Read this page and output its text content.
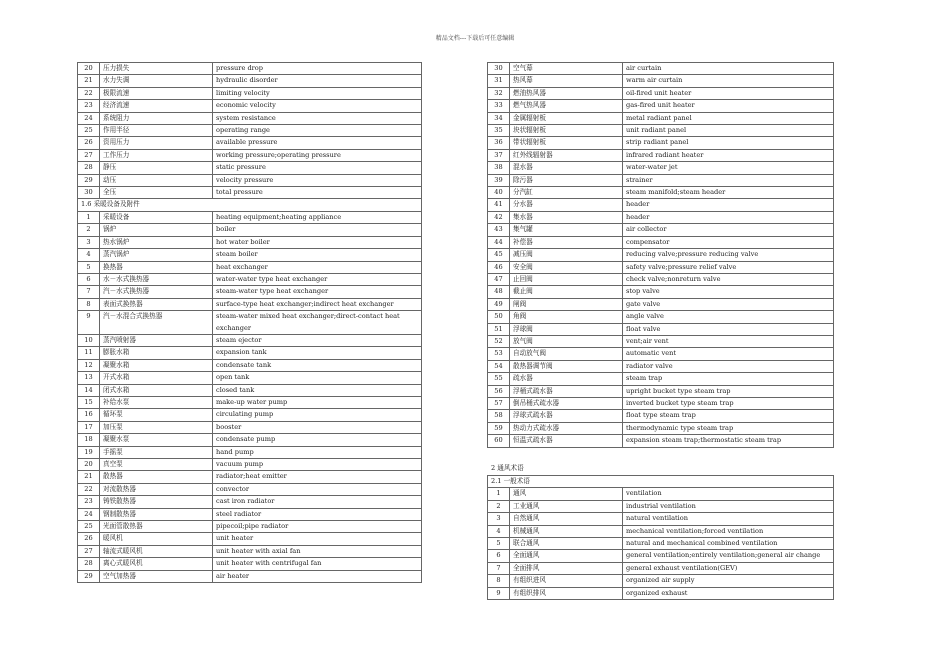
精品文档---下载后可任意编辑
20	压力损失	pressure drop
21	水力失调	hydraulic disorder
22	极限流速	limiting velocity
23	经济流速	economic velocity
24	系统阻力	system resistance
25	作用半径	operating range
26	资用压力	available pressure
27	工作压力	working pressure;operating pressure
28	静压	static pressure
29	动压	velocity pressure
30	全压	total pressure
1.6 采暖设备及附件		
1	采暖设备	heating equipment;heating appliance
2	锅炉	boiler
3	热水锅炉	hot water boiler
4	蒸汽锅炉	steam boiler
5	换热器	heat exchanger
6	水－水式换热器	water-water type heat exchanger
7	汽－水式换热器	steam-water type heat exchanger
8	表面式换热器	surface-type heat exchanger;indirect heat exchanger
9	汽－水混合式换热器	steam-water mixed heat exchanger;direct-contact heat exchanger
10	蒸汽喷射器	steam ejector
11	膨胀水箱	expansion tank
12	凝聚水箱	condensate tank
13	开式水箱	open tank
14	闭式水箱	closed tank
15	补给水泵	make-up water pump
16	循环泵	circulating pump
17	加压泵	booster
18	凝聚水泵	condensate pump
19	手摇泵	hand pump
20	真空泵	vacuum pump
21	散热器	radiator;heat emitter
22	对流散热器	convector
23	铸铁散热器	cast iron radiator
24	钢制散热器	steel radiator
25	光面管散热器	pipecoil;pipe radiator
26	暖风机	unit heater
27	轴流式暖风机	unit heater with axial fan
28	离心式暖风机	unit heater with centrifugal fan
29	空气加热器	air heater
30	空气幕	air curtain
31	热风幕	warm air curtain
32	燃油热风器	oil-fired unit heater
33	燃气热风器	gas-fired unit heater
34	金属辐射板	metal radiant panel
35	块状辐射板	unit radiant panel
36	带状辐射板	strip radiant panel
37	红外线辐射器	infrared radiant heater
38	混水器	water-water jet
39	除污器	strainer
40	分汽缸	steam manifold;steam header
41	分水器	header
42	集水器	header
43	集气罐	air collector
44	补偿器	compensator
45	减压阀	reducing valve;pressure reducing valve
46	安全阀	safety valve;pressure relief valve
47	止回阀	check valve;nonreturn valve
48	截止阀	stop valve
49	闸阀	gate valve
50	角阀	angle valve
51	浮球阀	float valve
52	放气阀	vent;air vent
53	自动放气阀	automatic vent
54	散热器调节阀	radiator valve
55	疏水器	steam trap
56	浮桶式疏水器	upright bucket type steam trap
57	倒吊桶式疏水器	inverted bucket type steam trap
58	浮球式疏水器	float type steam trap
59	热动力式疏水器	thermodynamic type steam trap
60	恒温式疏水器	expansion steam trap;thermostatic steam trap
2 通风术语
2.1 一般术语		
1	通风	ventilation
2	工业通风	industrial ventilation
3	自然通风	natural ventilation
4	机械通风	mechanical ventilation;forced ventilation
5	联合通风	natural and mechanical combined ventilation
6	全面通风	general ventilation;entirely ventilation;general air change
7	全面排风	general exhaust ventilation(GEV)
8	有组织进风	organized air supply
9	有组织排风	organized exhaust
